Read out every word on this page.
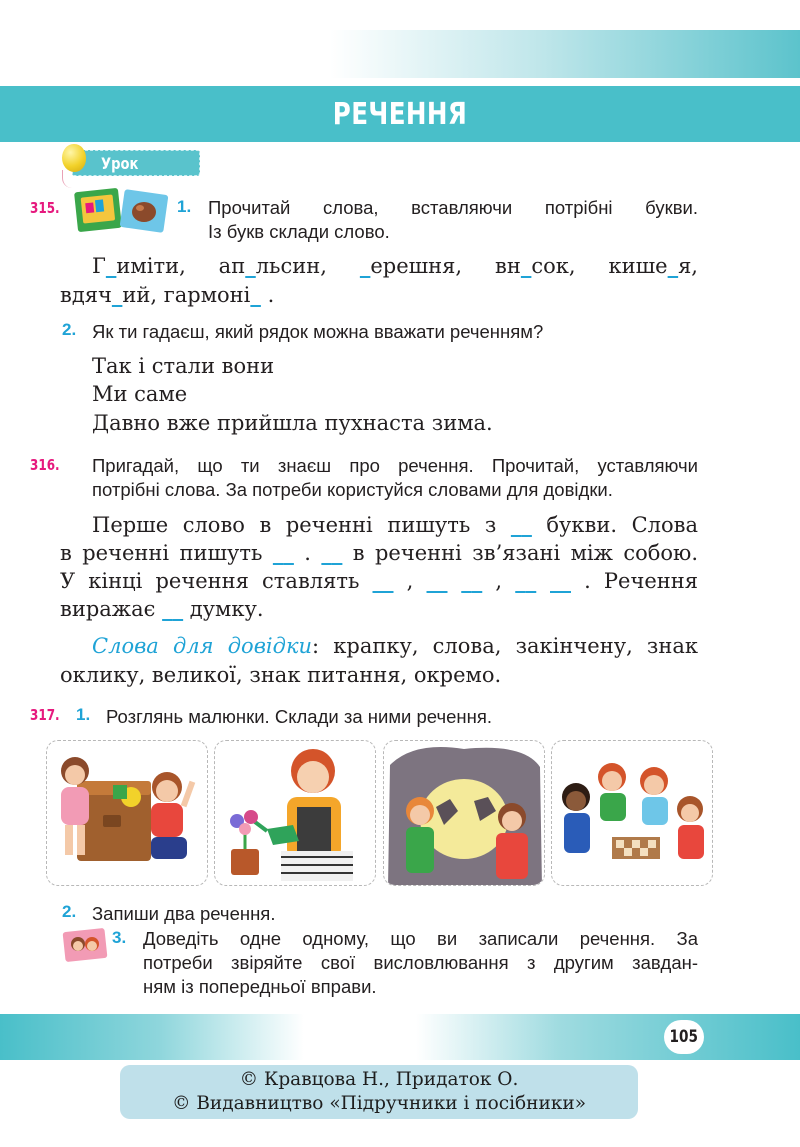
РЕЧЕННЯ
Урок
315.	1. Прочитай слова, вставляючи потрібні букви.
Із букв склади слово.
Г_иміти, ап_льсин, _ерешня, вн_сок, кише_я,
вдяч_ий, гармоні_ .
2. Як ти гадаєш, який рядок можна вважати реченням?
Так і стали вони
Ми саме
Давно вже прийшла пухнаста зима.
316. Пригадай, що ти знаєш про речення. Прочитай, уставляючи
потрібні слова. За потреби користуйся словами для довідки.
Перше слово в реченні пишуть з __ букви. Слова
в реченні пишуть __ . __ в реченні зв’язані між собою.
У кінці речення ставлять __ , __ __ , __ __ . Речення
виражає __ думку.
Слова для довідки: крапку, слова, закінчену, знак
оклику, великої, знак питання, окремо.
317. 1. Розглянь малюнки. Склади за ними речення.
2. Запиши два речення.
3. Доведіть одне одному, що ви записали речення. За
потреби звіряйте свої висловлювання з другим завдан-
ням із попередньої вправи.
105
© Кравцова Н., Придаток О.
© Видавництво «Підручники і посібники»
